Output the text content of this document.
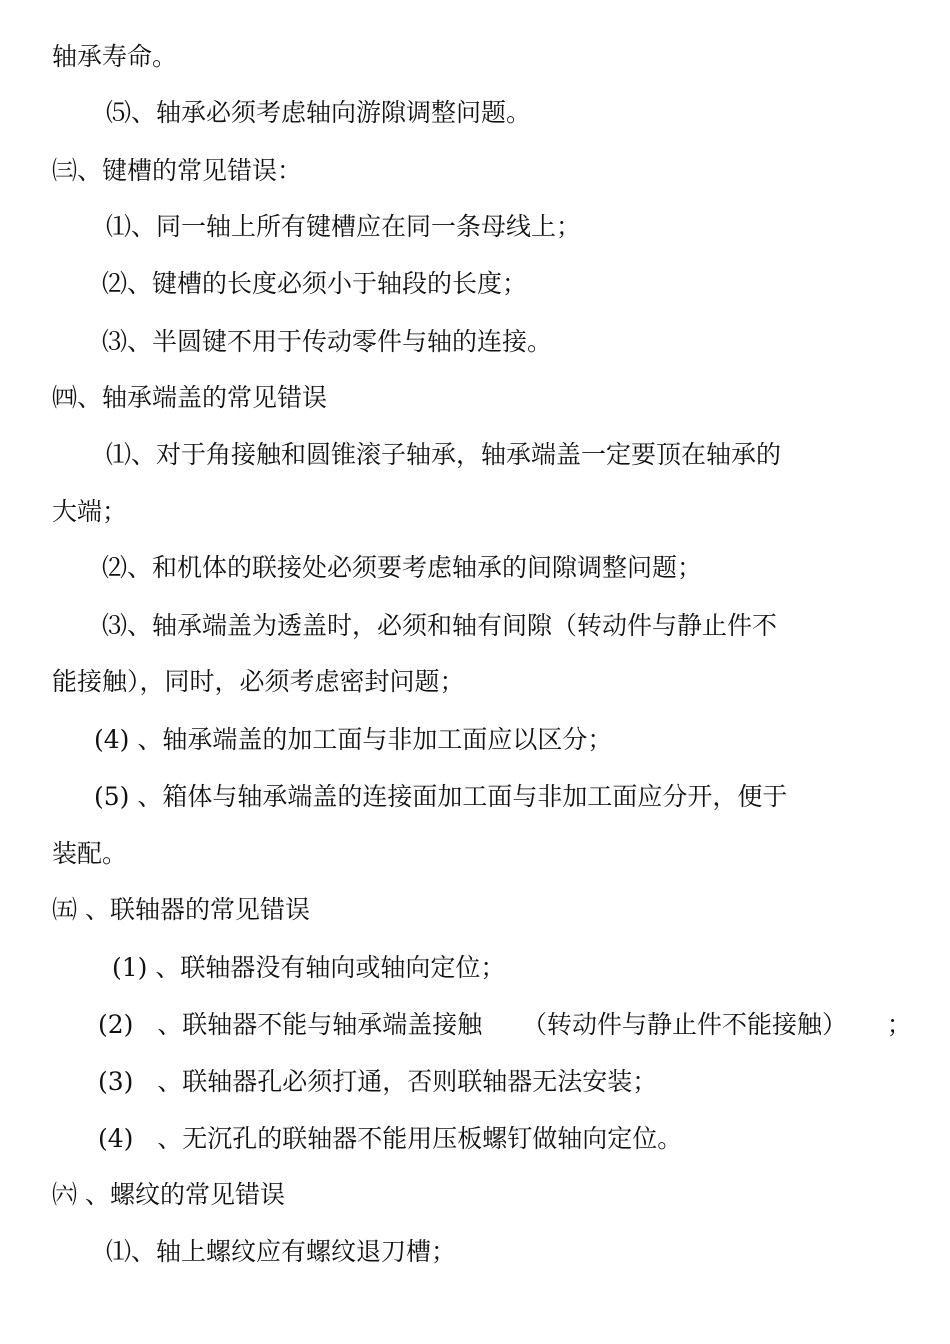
轴承寿命。
⑸、轴承必须考虑轴向游隙调整问题。
㈢、键槽的常见错误：
⑴、同一轴上所有键槽应在同一条母线上；
⑵、键槽的长度必须小于轴段的长度；
⑶、半圆键不用于传动零件与轴的连接。
㈣、轴承端盖的常见错误
⑴、对于角接触和圆锥滚子轴承，轴承端盖一定要顶在轴承的
大端；
⑵、和机体的联接处必须要考虑轴承的间隙调整问题；
⑶、轴承端盖为透盖时，必须和轴有间隙（转动件与静止件不
能接触），同时，必须考虑密封问题；
(4) 、轴承端盖的加工面与非加工面应以区分；
(5) 、箱体与轴承端盖的连接面加工面与非加工面应分开，便于
装配。
㈤ 、联轴器的常见错误
(1) 、联轴器没有轴向或轴向定位；
(2)   、联轴器不能与轴承端盖接触     （转动件与静止件不能接触）     ；
(3)   、联轴器孔必须打通，否则联轴器无法安装；
(4)   、无沉孔的联轴器不能用压板螺钉做轴向定位。
㈥ 、螺纹的常见错误
⑴、轴上螺纹应有螺纹退刀槽；
